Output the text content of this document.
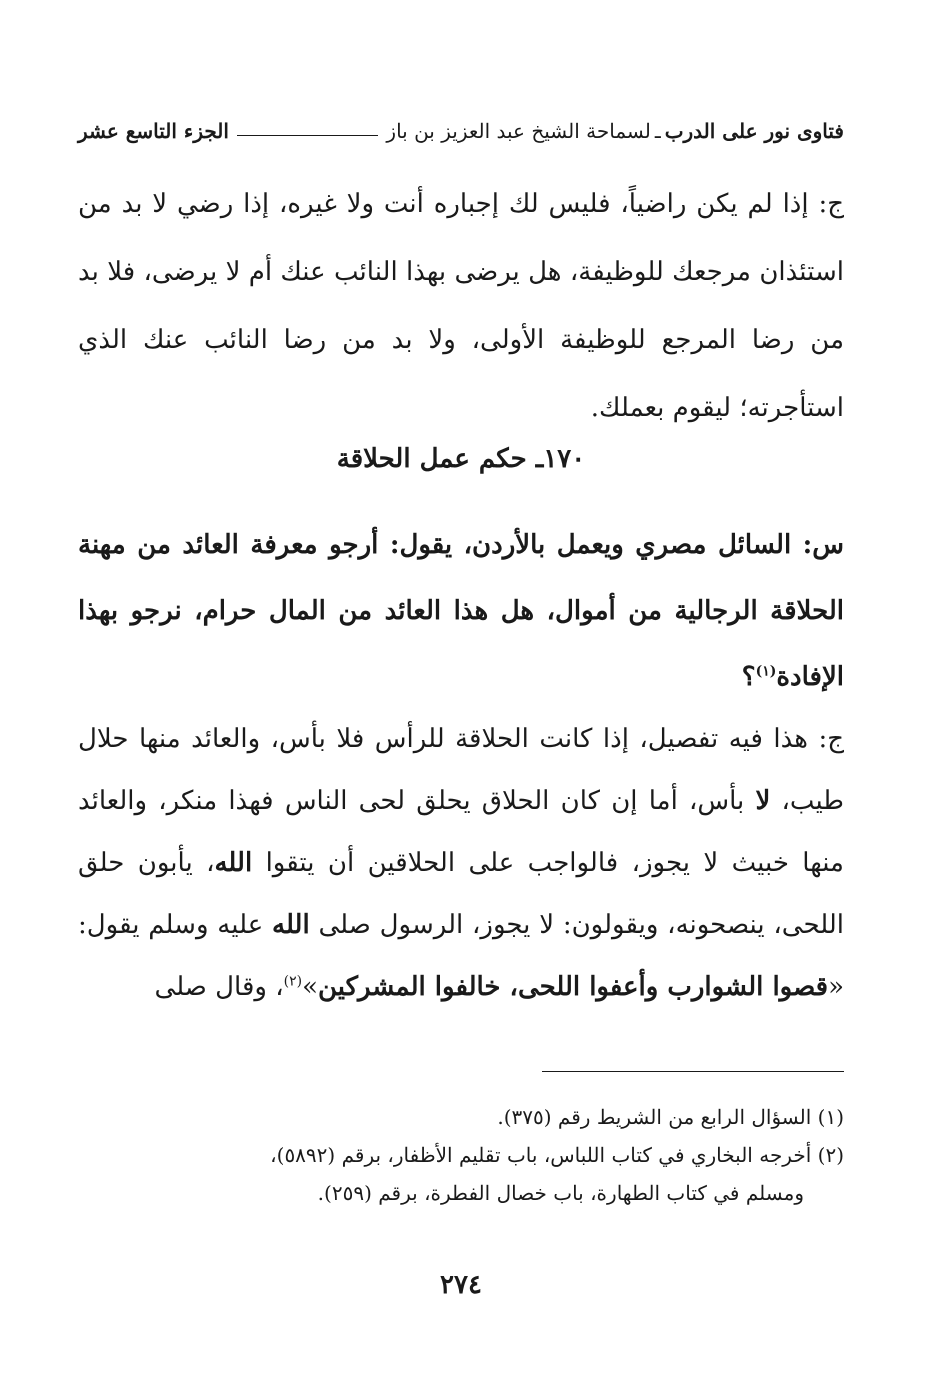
فتاوى نور على الدرب
ـ
لسماحة الشيخ عبد العزيز بن باز
الجزء التاسع عشر
ج: إذا لم يكن راضياً، فليس لك إجباره أنت ولا غيره، إذا رضي لا بد من استئذان مرجعك للوظيفة، هل يرضى بهذا النائب عنك أم لا يرضى، فلا بد من رضا المرجع للوظيفة الأولى، ولا بد من رضا النائب عنك الذي استأجرته؛ ليقوم بعملك.
١٧٠ـ حكم عمل الحلاقة
س: السائل مصري ويعمل بالأردن، يقول: أرجو معرفة العائد من مهنة الحلاقة الرجالية من أموال، هل هذا العائد من المال حرام، نرجو بهذا الإفادة$^{(١)}$؟
ج: هذا فيه تفصيل، إذا كانت الحلاقة للرأس فلا بأس، والعائد منها حلال طيب، لا بأس، أما إن كان الحلاق يحلق لحى الناس فهذا منكر، والعائد منها خبيث لا يجوز، فالواجب على الحلاقين أن يتقوا الله، يأبون حلق اللحى، ينصحونه، ويقولون: لا يجوز، الرسول صلى الله عليه وسلم يقول: «قصوا الشوارب وأعفوا اللحى، خالفوا المشركين»$^{(٢)}$، وقال صلى
(١) السؤال الرابع من الشريط رقم (٣٧٥).
(٢) أخرجه البخاري في كتاب اللباس، باب تقليم الأظفار، برقم (٥٨٩٢)،
ومسلم في كتاب الطهارة، باب خصال الفطرة، برقم (٢٥٩).
٢٧٤
